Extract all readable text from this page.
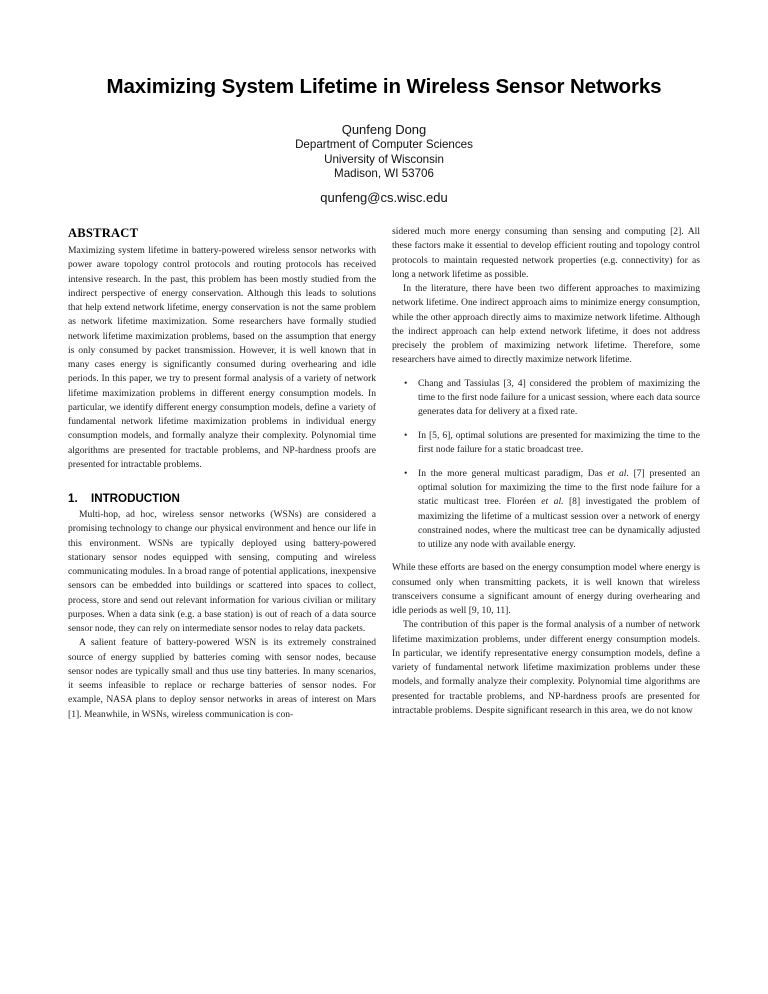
Maximizing System Lifetime in Wireless Sensor Networks
Qunfeng Dong
Department of Computer Sciences
University of Wisconsin
Madison, WI 53706
qunfeng@cs.wisc.edu
ABSTRACT

Maximizing system lifetime in battery-powered wireless sensor networks with power aware topology control protocols and routing protocols has received intensive research. In the past, this problem has been mostly studied from the indirect perspective of energy conservation. Although this leads to solutions that help extend network lifetime, energy conservation is not the same problem as network lifetime maximization. Some researchers have formally studied network lifetime maximization problems, based on the assumption that energy is only consumed by packet transmission. However, it is well known that in many cases energy is significantly consumed during overhearing and idle periods. In this paper, we try to present formal analysis of a variety of network lifetime maximization problems in different energy consumption models. In particular, we identify different energy consumption models, define a variety of fundamental network lifetime maximization problems in individual energy consumption models, and formally analyze their complexity. Polynomial time algorithms are presented for tractable problems, and NP-hardness proofs are presented for intractable problems.

1. INTRODUCTION

Multi-hop, ad hoc, wireless sensor networks (WSNs) are considered a promising technology to change our physical environment and hence our life in this environment. WSNs are typically deployed using battery-powered stationary sensor nodes equipped with sensing, computing and wireless communicating modules. In a broad range of potential applications, inexpensive sensors can be embedded into buildings or scattered into spaces to collect, process, store and send out relevant information for various civilian or military purposes. When a data sink (e.g. a base station) is out of reach of a data source sensor node, they can rely on intermediate sensor nodes to relay data packets.

A salient feature of battery-powered WSN is its extremely constrained source of energy supplied by batteries coming with sensor nodes, because sensor nodes are typically small and thus use tiny batteries. In many scenarios, it seems infeasible to replace or recharge batteries of sensor nodes. For example, NASA plans to deploy sensor networks in areas of interest on Mars [1]. Meanwhile, in WSNs, wireless communication is con-

sidered much more energy consuming than sensing and computing [2]. All these factors make it essential to develop efficient routing and topology control protocols to maintain requested network properties (e.g. connectivity) for as long a network lifetime as possible.

In the literature, there have been two different approaches to maximizing network lifetime. One indirect approach aims to minimize energy consumption, while the other approach directly aims to maximize network lifetime. Although the indirect approach can help extend network lifetime, it does not address precisely the problem of maximizing network lifetime. Therefore, some researchers have aimed to directly maximize network lifetime.

• Chang and Tassiulas [3, 4] considered the problem of maximizing the time to the first node failure for a unicast session, where each data source generates data for delivery at a fixed rate.
• In [5, 6], optimal solutions are presented for maximizing the time to the first node failure for a static broadcast tree.
• In the more general multicast paradigm, Das et al. [7] presented an optimal solution for maximizing the time to the first node failure for a static multicast tree. Floréen et al. [8] investigated the problem of maximizing the lifetime of a multicast session over a network of energy constrained nodes, where the multicast tree can be dynamically adjusted to utilize any node with available energy.

While these efforts are based on the energy consumption model where energy is consumed only when transmitting packets, it is well known that wireless transceivers consume a significant amount of energy during overhearing and idle periods as well [9, 10, 11].

The contribution of this paper is the formal analysis of a number of network lifetime maximization problems, under different energy consumption models. In particular, we identify representative energy consumption models, define a variety of fundamental network lifetime maximization problems under these models, and formally analyze their complexity. Polynomial time algorithms are presented for tractable problems, and NP-hardness proofs are presented for intractable problems. Despite significant research in this area, we do not know
